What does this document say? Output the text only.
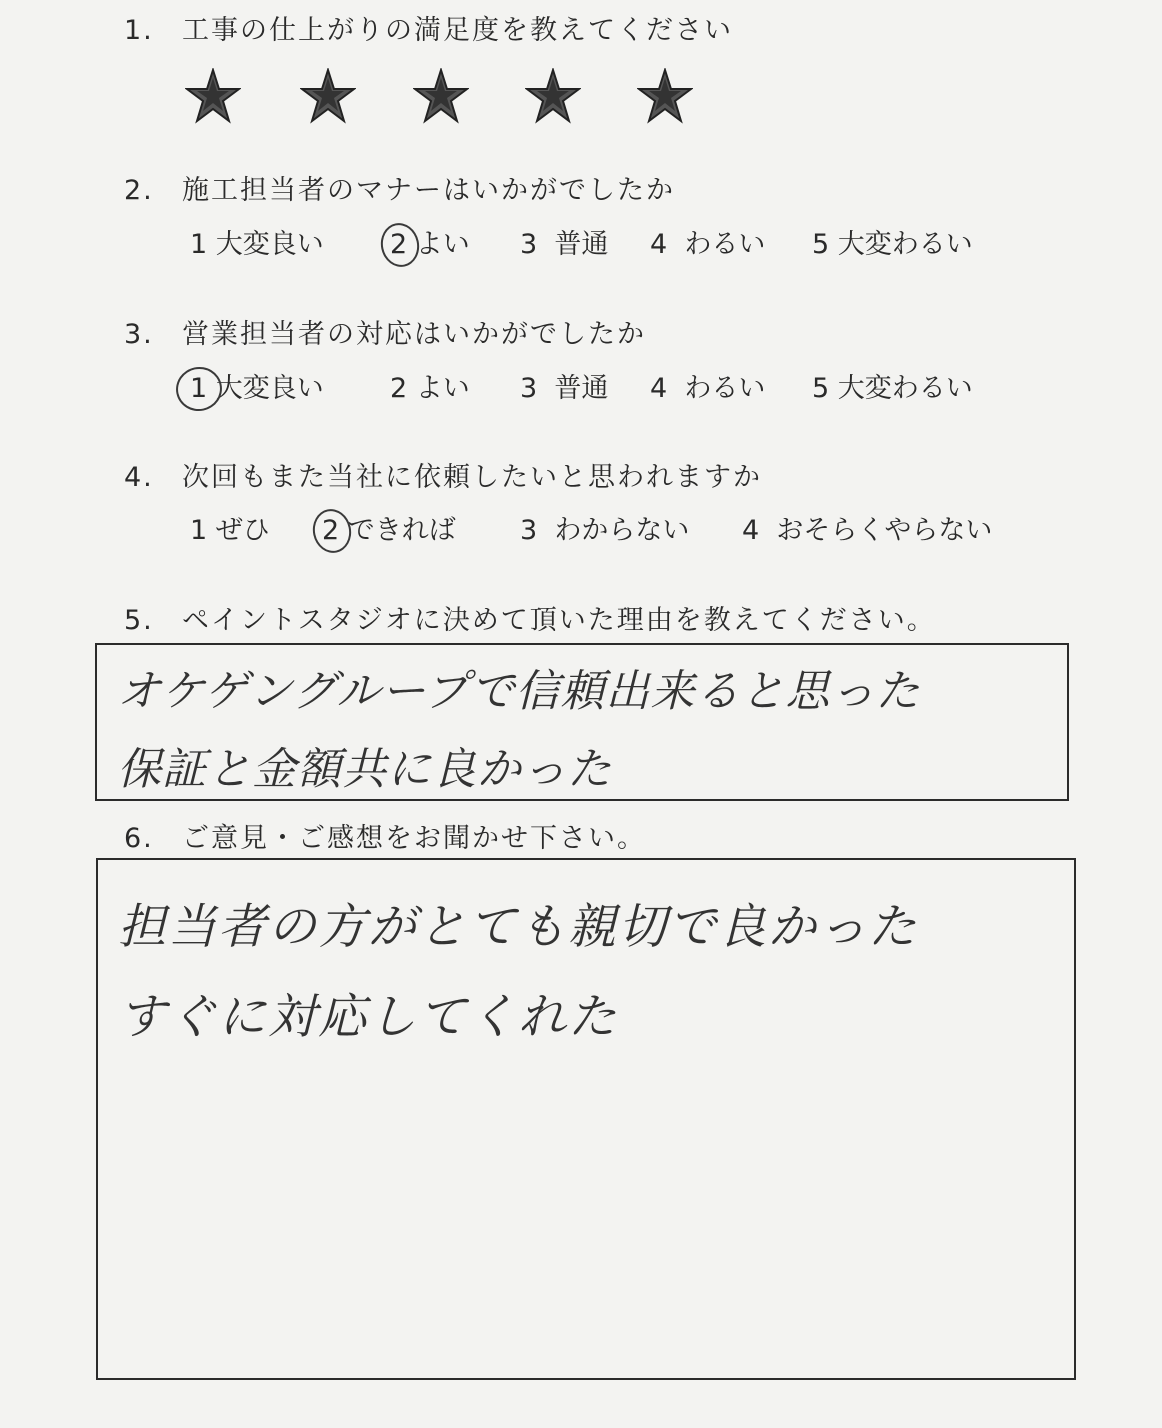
1. 工事の仕上がりの満足度を教えてください
2. 施工担当者のマナーはいかがでしたか
1 大変良い 2 よい 3 普通 4 わるい 5 大変わるい
3. 営業担当者の対応はいかがでしたか
1 大変良い 2 よい 3 普通 4 わるい 5 大変わるい
4. 次回もまた当社に依頼したいと思われますか
1 ぜひ 2 できれば 3 わからない 4 おそらくやらない
5. ペイントスタジオに決めて頂いた理由を教えてください。
オケゲングループで信頼出来ると思った
保証と金額共に良かった
6. ご意見・ご感想をお聞かせ下さい。
担当者の方がとても親切で良かった
すぐに対応してくれた
